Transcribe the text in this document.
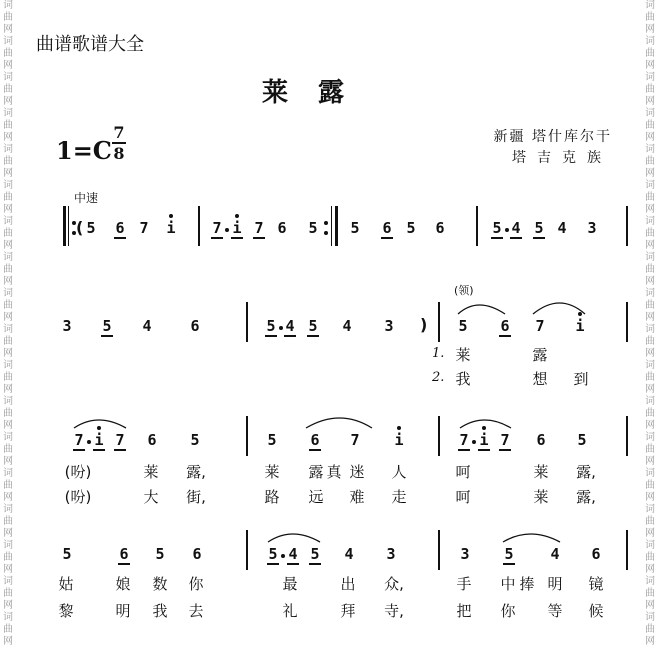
词
曲
网
词
曲
网
词
曲
网
词
曲
网
词
曲
网
词
曲
网
词
曲
网
词
曲
网
词
曲
网
词
曲
网
词
曲
网
词
曲
网
词
曲
网
词
曲
网
词
曲
网
词
曲
网
词
曲
网
词
曲
网
词
曲
网
词
曲
网
词
曲
网
词
曲
网
词
曲
网
词
曲
网
词
曲
网
词
曲
网
词
曲
网
词
曲
网
词
曲
网
词
曲
网
词
曲
网
词
曲
网
词
曲
网
词
曲
网
词
曲
网
词
曲
网
曲谱歌谱大全
莱露
1=C
7
8
新疆 塔什库尔干
塔吉克族
中速
(领)
( 5 6 7 i 7 i 7 6 5 5 6 5 6	5 4 5 4 3
3 5 4	6	5 4 5 4 3 ) 5 6 7 i
1. 莱	露
2. 我	想 到
7 i 7 6 5	5 6 7 i	7 i 7 6 5
(吩)	莱 露,	莱 露 真 迷 人	呵	莱 露,
(吩)	大 街,	路 远 难 走	呵	莱 露,
5	6 5 6	5 4 5 4 3	3 5 4 6
姑	娘 数 你	最	出 众,	手 中 捧 明 镜
黎	明 我 去	礼	拜 寺,	把 你 等 候
